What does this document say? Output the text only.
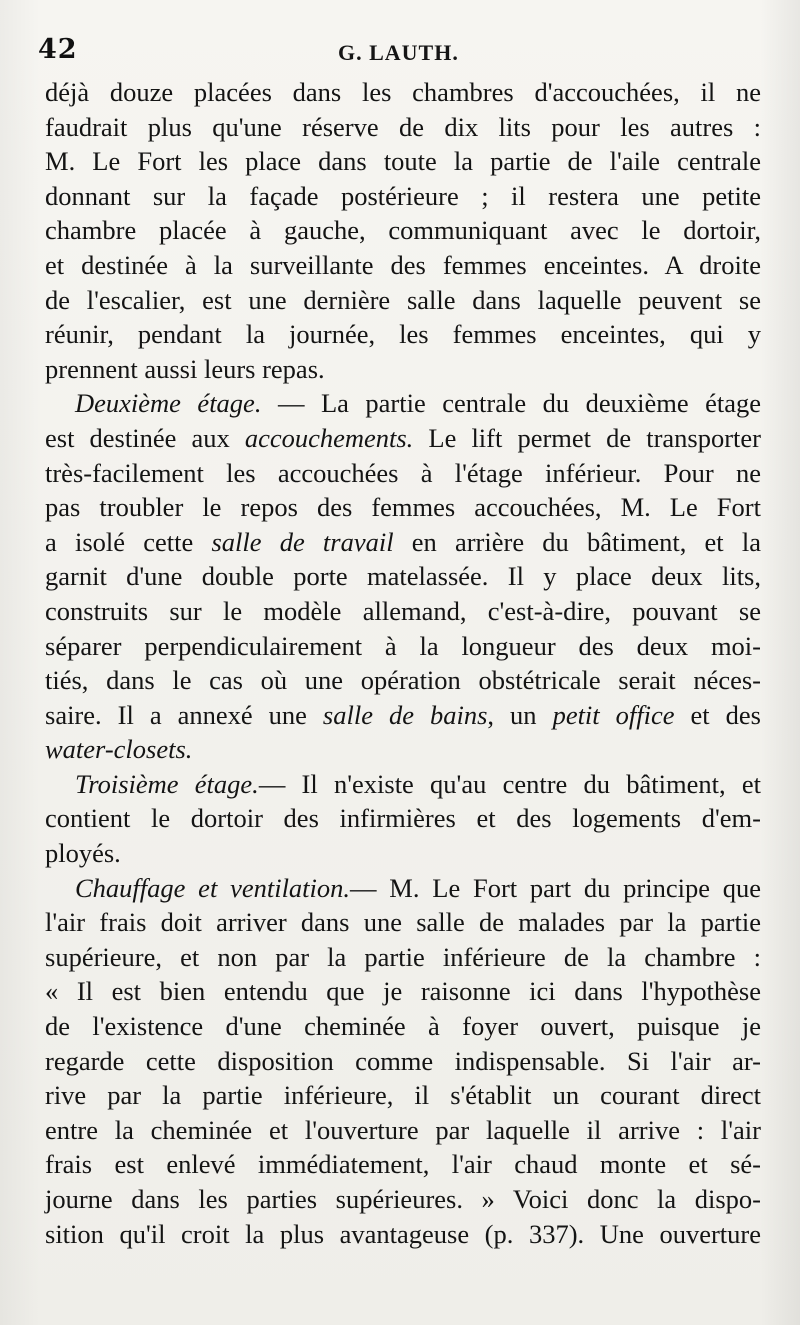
42	G. LAUTH.
déjà douze placées dans les chambres d'accouchées, il ne
faudrait plus qu'une réserve de dix lits pour les autres :
M. Le Fort les place dans toute la partie de l'aile centrale
donnant sur la façade postérieure ; il restera une petite
chambre placée à gauche, communiquant avec le dortoir,
et destinée à la surveillante des femmes enceintes. A droite
de l'escalier, est une dernière salle dans laquelle peuvent se
réunir, pendant la journée, les femmes enceintes, qui y
prennent aussi leurs repas.
Deuxième étage. — La partie centrale du deuxième étage
est destinée aux accouchements. Le lift permet de transporter
très-facilement les accouchées à l'étage inférieur. Pour ne
pas troubler le repos des femmes accouchées, M. Le Fort
a isolé cette salle de travail en arrière du bâtiment, et la
garnit d'une double porte matelassée. Il y place deux lits,
construits sur le modèle allemand, c'est-à-dire, pouvant se
séparer perpendiculairement à la longueur des deux moi-
tiés, dans le cas où une opération obstétricale serait néces-
saire. Il a annexé une salle de bains, un petit office et des
water-closets.
Troisième étage.— Il n'existe qu'au centre du bâtiment, et
contient le dortoir des infirmières et des logements d'em-
ployés.
Chauffage et ventilation.— M. Le Fort part du principe que
l'air frais doit arriver dans une salle de malades par la partie
supérieure, et non par la partie inférieure de la chambre :
« Il est bien entendu que je raisonne ici dans l'hypothèse
de l'existence d'une cheminée à foyer ouvert, puisque je
regarde cette disposition comme indispensable. Si l'air ar-
rive par la partie inférieure, il s'établit un courant direct
entre la cheminée et l'ouverture par laquelle il arrive : l'air
frais est enlevé immédiatement, l'air chaud monte et sé-
journe dans les parties supérieures. » Voici donc la dispo-
sition qu'il croit la plus avantageuse (p. 337). Une ouverture
